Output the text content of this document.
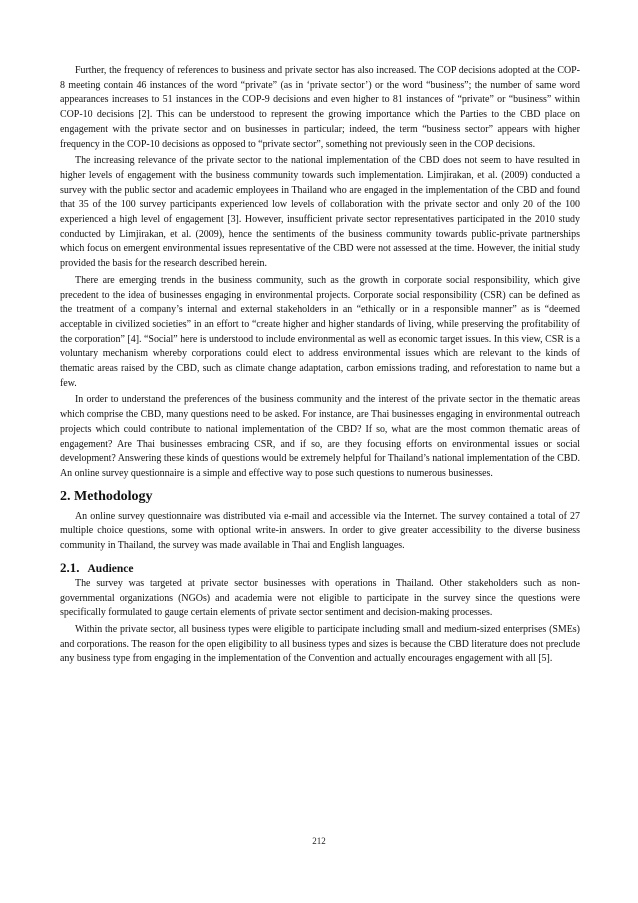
Further, the frequency of references to business and private sector has also increased. The COP decisions adopted at the COP-8 meeting contain 46 instances of the word “private” (as in ‘private sector’) or the word “business”; the number of same word appearances increases to 51 instances in the COP-9 decisions and even higher to 81 instances of “private” or “business” within COP-10 decisions [2]. This can be understood to represent the growing importance which the Parties to the CBD place on engagement with the private sector and on businesses in particular; indeed, the term “business sector” appears with higher frequency in the COP-10 decisions as opposed to “private sector”, something not previously seen in the COP decisions.

The increasing relevance of the private sector to the national implementation of the CBD does not seem to have resulted in higher levels of engagement with the business community towards such implementation. Limjirakan, et al. (2009) conducted a survey with the public sector and academic employees in Thailand who are engaged in the implementation of the CBD and found that 35 of the 100 survey participants experienced low levels of collaboration with the private sector and only 20 of the 100 experienced a high level of engagement [3]. However, insufficient private sector representatives participated in the 2010 study conducted by Limjirakan, et al. (2009), hence the sentiments of the business community towards public-private partnerships which focus on emergent environmental issues representative of the CBD were not assessed at the time. However, the initial study provided the basis for the research described herein.

There are emerging trends in the business community, such as the growth in corporate social responsibility, which give precedent to the idea of businesses engaging in environmental projects. Corporate social responsibility (CSR) can be defined as the treatment of a company’s internal and external stakeholders in an “ethically or in a responsible manner” as is “deemed acceptable in civilized societies” in an effort to “create higher and higher standards of living, while preserving the profitability of the corporation” [4]. “Social” here is understood to include environmental as well as economic target issues. In this view, CSR is a voluntary mechanism whereby corporations could elect to address environmental issues which are relevant to the kinds of thematic areas raised by the CBD, such as climate change adaptation, carbon emissions trading, and reforestation to name but a few.

In order to understand the preferences of the business community and the interest of the private sector in the thematic areas which comprise the CBD, many questions need to be asked. For instance, are Thai businesses engaging in environmental outreach projects which could contribute to national implementation of the CBD? If so, what are the most common thematic areas of engagement? Are Thai businesses embracing CSR, and if so, are they focusing efforts on environmental issues or social development? Answering these kinds of questions would be extremely helpful for Thailand’s national implementation of the CBD. An online survey questionnaire is a simple and effective way to pose such questions to numerous businesses.

2. Methodology

An online survey questionnaire was distributed via e-mail and accessible via the Internet. The survey contained a total of 27 multiple choice questions, some with optional write-in answers. In order to give greater accessibility to the diverse business community in Thailand, the survey was made available in Thai and English languages.

2.1. Audience

The survey was targeted at private sector businesses with operations in Thailand. Other stakeholders such as non-governmental organizations (NGOs) and academia were not eligible to participate in the survey since the questions were specifically formulated to gauge certain elements of private sector sentiment and decision-making processes.

Within the private sector, all business types were eligible to participate including small and medium-sized enterprises (SMEs) and corporations. The reason for the open eligibility to all business types and sizes is because the CBD literature does not preclude any business type from engaging in the implementation of the Convention and actually encourages engagement with all [5].

212
